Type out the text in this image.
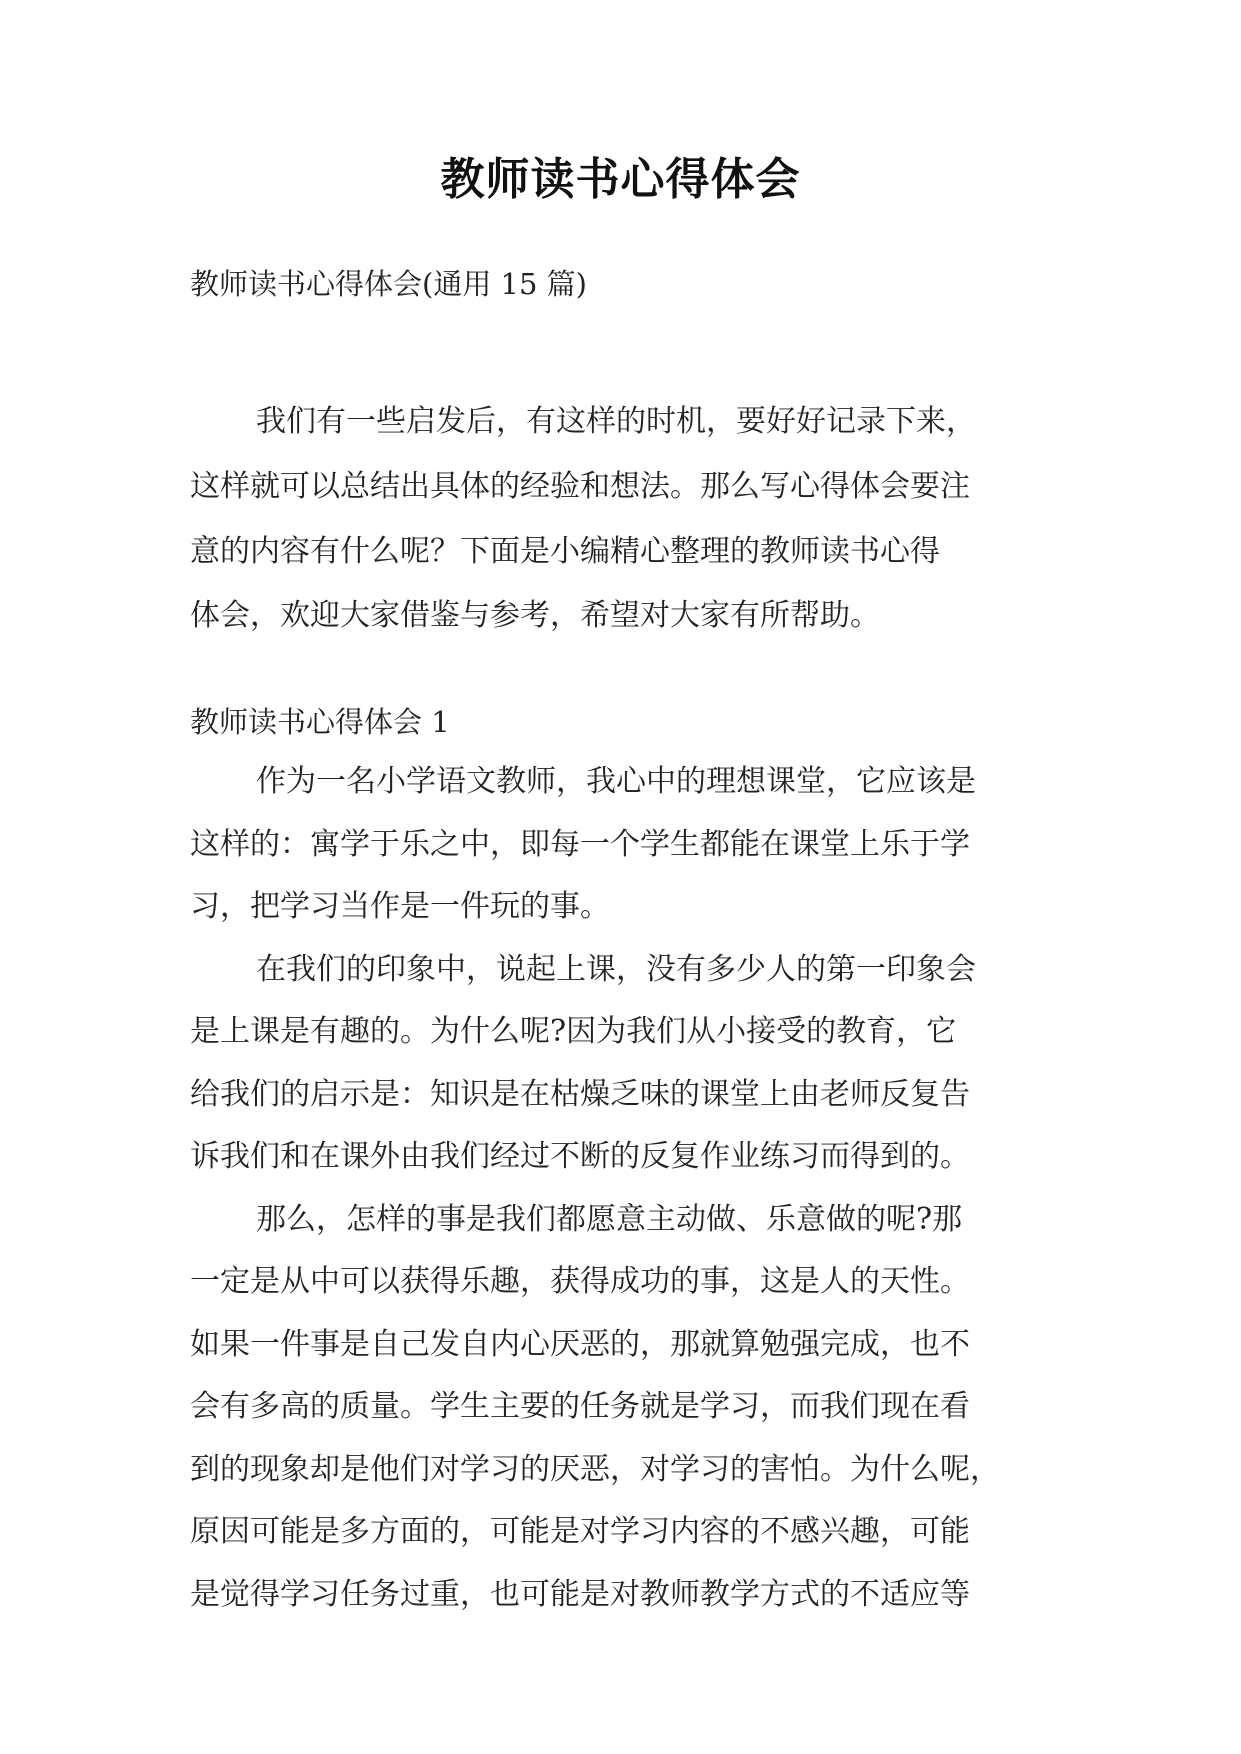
教师读书心得体会
教师读书心得体会(通用 15 篇)
我们有一些启发后，有这样的时机，要好好记录下来，
这样就可以总结出具体的经验和想法。那么写心得体会要注
意的内容有什么呢？下面是小编精心整理的教师读书心得
体会，欢迎大家借鉴与参考，希望对大家有所帮助。
教师读书心得体会 1
作为一名小学语文教师，我心中的理想课堂，它应该是
这样的：寓学于乐之中，即每一个学生都能在课堂上乐于学
习，把学习当作是一件玩的事。
在我们的印象中，说起上课，没有多少人的第一印象会
是上课是有趣的。为什么呢?因为我们从小接受的教育，它
给我们的启示是：知识是在枯燥乏味的课堂上由老师反复告
诉我们和在课外由我们经过不断的反复作业练习而得到的。
那么，怎样的事是我们都愿意主动做、乐意做的呢?那
一定是从中可以获得乐趣，获得成功的事，这是人的天性。
如果一件事是自己发自内心厌恶的，那就算勉强完成，也不
会有多高的质量。学生主要的任务就是学习，而我们现在看
到的现象却是他们对学习的厌恶，对学习的害怕。为什么呢，
原因可能是多方面的，可能是对学习内容的不感兴趣，可能
是觉得学习任务过重，也可能是对教师教学方式的不适应等
